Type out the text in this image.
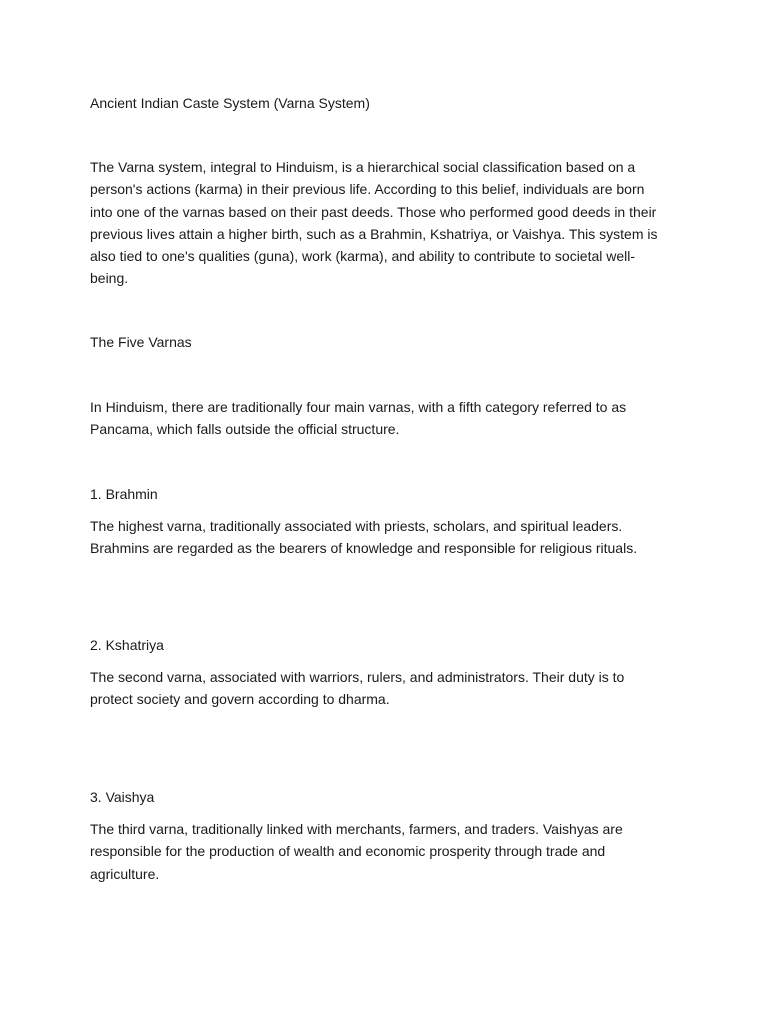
Ancient Indian Caste System (Varna System)

The Varna system, integral to Hinduism, is a hierarchical social classification based on a
person's actions (karma) in their previous life. According to this belief, individuals are born
into one of the varnas based on their past deeds. Those who performed good deeds in their
previous lives attain a higher birth, such as a Brahmin, Kshatriya, or Vaishya. This system is
also tied to one's qualities (guna), work (karma), and ability to contribute to societal well-
being.

The Five Varnas

In Hinduism, there are traditionally four main varnas, with a fifth category referred to as
Pancama, which falls outside the official structure.

1. Brahmin

The highest varna, traditionally associated with priests, scholars, and spiritual leaders.
Brahmins are regarded as the bearers of knowledge and responsible for religious rituals.

2. Kshatriya

The second varna, associated with warriors, rulers, and administrators. Their duty is to
protect society and govern according to dharma.

3. Vaishya

The third varna, traditionally linked with merchants, farmers, and traders. Vaishyas are
responsible for the production of wealth and economic prosperity through trade and
agriculture.
